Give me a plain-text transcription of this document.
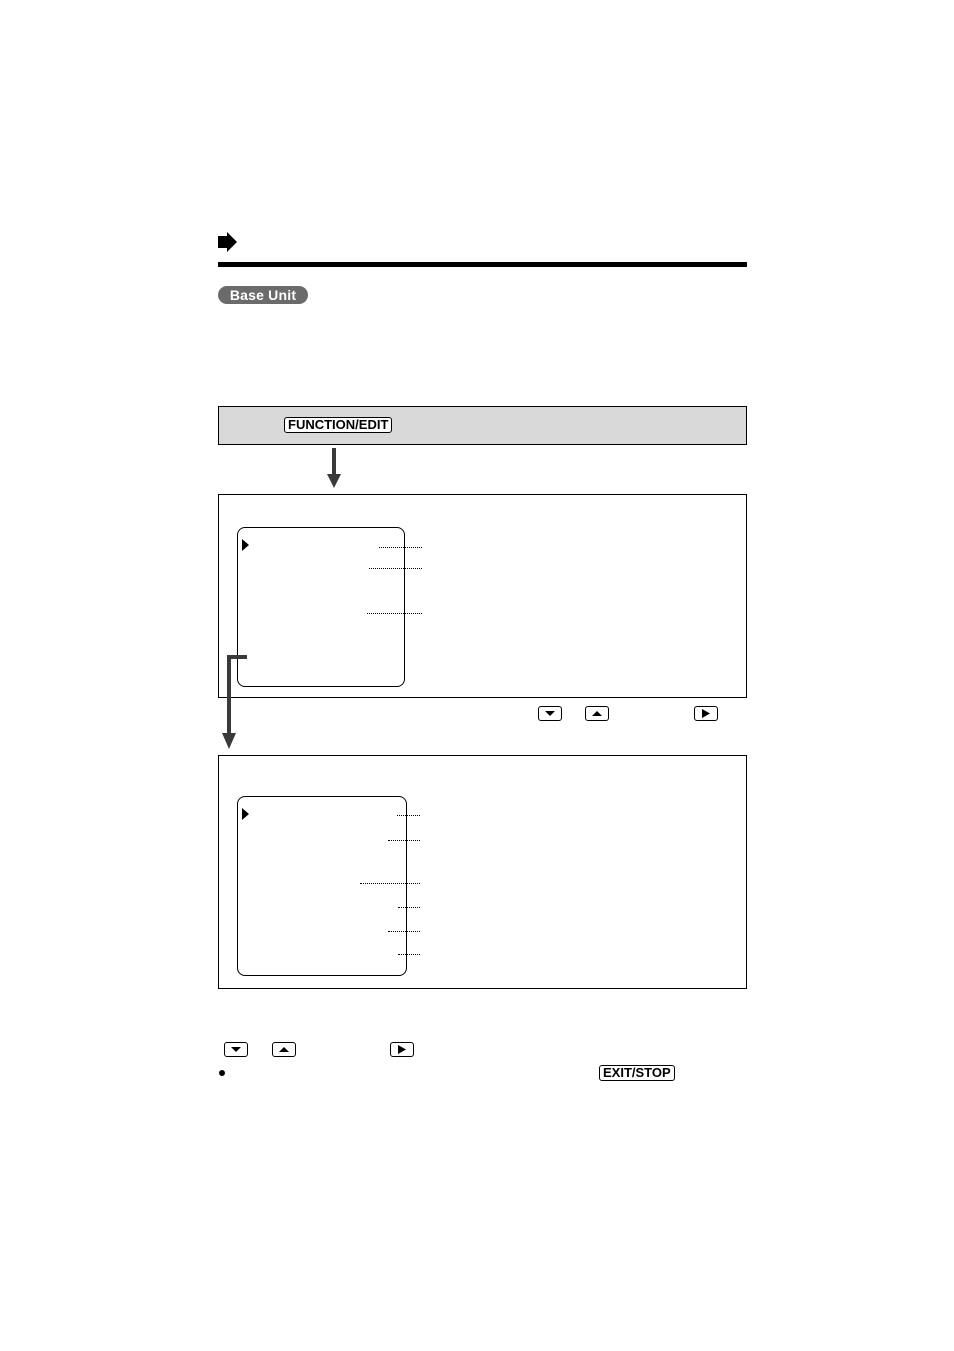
Base Unit
FUNCTION/EDIT
EXIT/STOP
